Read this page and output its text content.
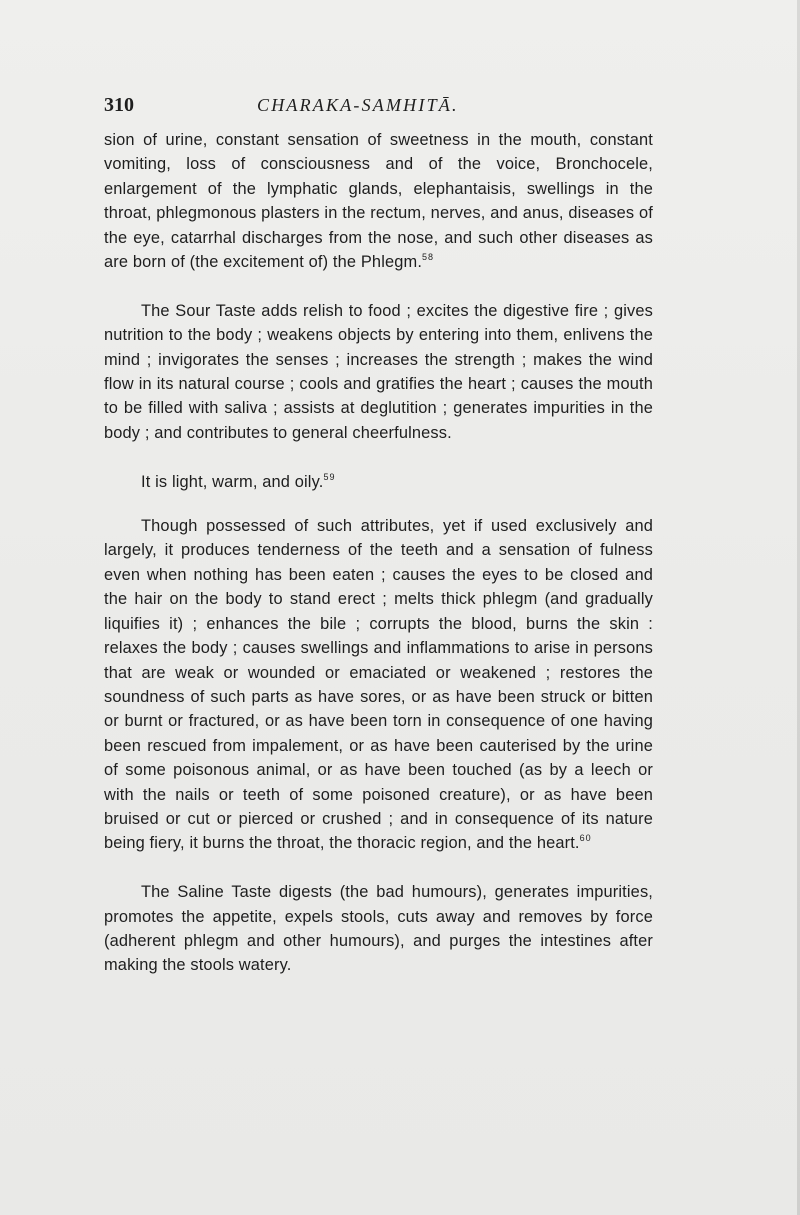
310	CHARAKA-SAMHITĀ.

sion of urine, constant sensation of sweetness in the mouth, constant vomiting, loss of consciousness and of the voice, Bronchocele, enlargement of the lymphatic glands, elephantaisis, swellings in the throat, phlegmonous plasters in the rectum, nerves, and anus, diseases of the eye, catarrhal discharges from the nose, and such other diseases as are born of (the excitement of) the Phlegm.$^{58}$

The Sour Taste adds relish to food ; excites the digestive fire ; gives nutrition to the body ; weakens objects by entering into them, enlivens the mind ; invigorates the senses ; increases the strength ; makes the wind flow in its natural course ; cools and gratifies the heart ; causes the mouth to be filled with saliva ; assists at deglutition ; generates impurities in the body ; and contributes to general cheerfulness.

It is light, warm, and oily.$^{59}$

Though possessed of such attributes, yet if used exclusively and largely, it produces tenderness of the teeth and a sensation of fulness even when nothing has been eaten ; causes the eyes to be closed and the hair on the body to stand erect ; melts thick phlegm (and gradually liquifies it) ; enhances the bile ; corrupts the blood, burns the skin : relaxes the body ; causes swellings and inflammations to arise in persons that are weak or wounded or emaciated or weakened ; restores the soundness of such parts as have sores, or as have been struck or bitten or burnt or fractured, or as have been torn in consequence of one having been rescued from impalement, or as have been cauterised by the urine of some poisonous animal, or as have been touched (as by a leech or with the nails or teeth of some poisoned creature), or as have been bruised or cut or pierced or crushed ; and in consequence of its nature being fiery, it burns the throat, the thoracic region, and the heart.$^{60}$

The Saline Taste digests (the bad humours), generates impurities, promotes the appetite, expels stools, cuts away and removes by force (adherent phlegm and other humours), and purges the intestines after making the stools watery.
